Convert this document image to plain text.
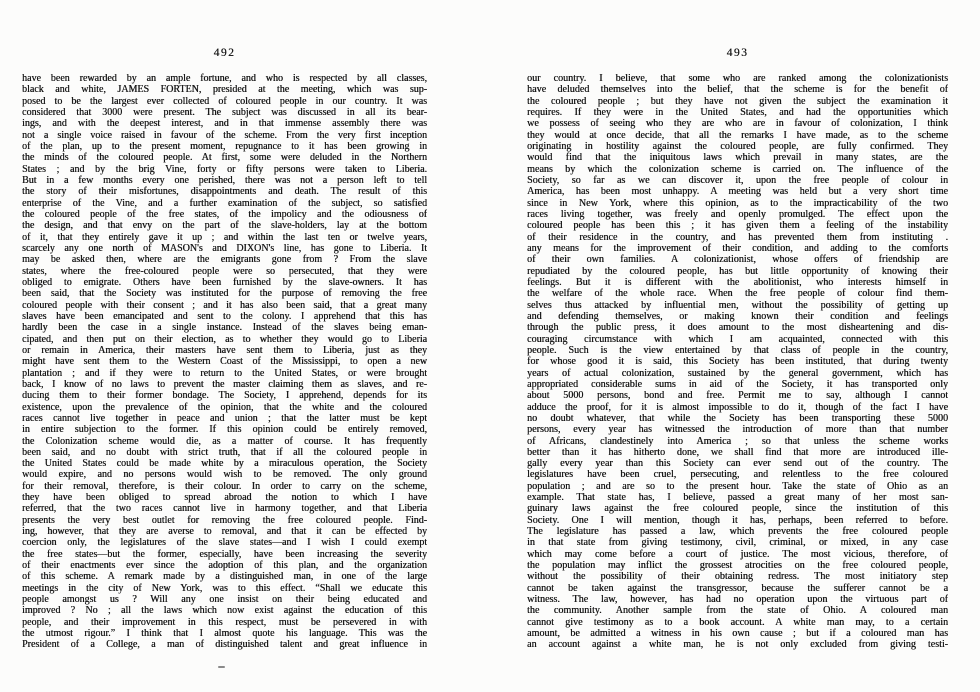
492
have been rewarded by an ample fortune, and who is respected by all classes,
black and white, JAMES FORTEN, presided at the meeting, which was sup-
posed to be the largest ever collected of coloured people in our country. It was
considered that 3000 were present. The subject was discussed in all its bear-
ings, and with the deepest interest, and in that immense assembly there was
not a single voice raised in favour of the scheme. From the very first inception
of the plan, up to the present moment, repugnance to it has been growing in
the minds of the coloured people. At first, some were deluded in the Northern
States ; and by the brig Vine, forty or fifty persons were taken to Liberia.
But in a few months every one perished, there was not a person left to tell
the story of their misfortunes, disappointments and death. The result of this
enterprise of the Vine, and a further examination of the subject, so satisfied
the coloured people of the free states, of the impolicy and the odiousness of
the design, and that envy on the part of the slave-holders, lay at the bottom
of it, that they entirely gave it up ; and within the last ten or twelve years,
scarcely any one north of MASON's and DIXON's line, has gone to Liberia. It
may be asked then, where are the emigrants gone from ? From the slave
states, where the free-coloured people were so persecuted, that they were
obliged to emigrate. Others have been furnished by the slave-owners. It has
been said, that the Society was instituted for the purpose of removing the free
coloured people with their consent ; and it has also been said, that a great many
slaves have been emancipated and sent to the colony. I apprehend that this has
hardly been the case in a single instance. Instead of the slaves being eman-
cipated, and then put on their election, as to whether they would go to Liberia
or remain in America, their masters have sent them to Liberia, just as they
might have sent them to the Western Coast of the Mississippi, to open a new
plantation ; and if they were to return to the United States, or were brought
back, I know of no laws to prevent the master claiming them as slaves, and re-
ducing them to their former bondage. The Society, I apprehend, depends for its
existence, upon the prevalence of the opinion, that the white and the coloured
races cannot live together in peace and union ; that the latter must be kept
in entire subjection to the former. If this opinion could be entirely removed,
the Colonization scheme would die, as a matter of course. It has frequently
been said, and no doubt with strict truth, that if all the coloured people in
the United States could be made white by a miraculous operation, the Society
would expire, and no persons would wish to be removed. The only ground
for their removal, therefore, is their colour. In order to carry on the scheme,
they have been obliged to spread abroad the notion to which I have
referred, that the two races cannot live in harmony together, and that Liberia
presents the very best outlet for removing the free coloured people. Find-
ing, however, that they are averse to removal, and that it can be effected by
coercion only, the legislatures of the slave states—and I wish I could exempt
the free states—but the former, especially, have been increasing the severity
of their enactments ever since the adoption of this plan, and the organization
of this scheme. A remark made by a distinguished man, in one of the large
meetings in the city of New York, was to this effect. “Shall we educate this
people amongst us ? Will any one insist on their being educated and
improved ? No ; all the laws which now exist against the education of this
people, and their improvement in this respect, must be persevered in with
the utmost rigour.” I think that I almost quote his language. This was the
President of a College, a man of distinguished talent and great influence in
493
our country. I believe, that some who are ranked among the colonizationists
have deluded themselves into the belief, that the scheme is for the benefit of
the coloured people ; but they have not given the subject the examination it
requires. If they were in the United States, and had the opportunities which
we possess of seeing who they are who are in favour of colonization, I think
they would at once decide, that all the remarks I have made, as to the scheme
originating in hostility against the coloured people, are fully confirmed. They
would find that the iniquitous laws which prevail in many states, are the
means by which the colonization scheme is carried on. The influence of the
Society, so far as we can discover it, upon the free people of colour in
America, has been most unhappy. A meeting was held but a very short time
since in New York, where this opinion, as to the impracticability of the two
races living together, was freely and openly promulged. The effect upon the
coloured people has been this ; it has given them a feeling of the instability
of their residence in the country, and has prevented them from instituting .
any means for the improvement of their condition, and adding to the comforts
of their own families. A colonizationist, whose offers of friendship are
repudiated by the coloured people, has but little opportunity of knowing their
feelings. But it is different with the abolitionist, who interests himself in
the welfare of the whole race. When the free people of colour find them-
selves thus attacked by influential men, without the possibility of getting up
and defending themselves, or making known their condition and feelings
through the public press, it does amount to the most disheartening and dis-
couraging circumstance with which I am acquainted, connected with this
people. Such is the view entertained by that class of people in the country,
for whose good it is said, this Society has been instituted, that during twenty
years of actual colonization, sustained by the general government, which has
appropriated considerable sums in aid of the Society, it has transported only
about 5000 persons, bond and free. Permit me to say, although I cannot
adduce the proof, for it is almost impossible to do it, though of the fact I have
no doubt whatever, that while the Society has been transporting these 5000
persons, every year has witnessed the introduction of more than that number
of Africans, clandestinely into America ; so that unless the scheme works
better than it has hitherto done, we shall find that more are introduced ille-
gally every year than this Society can ever send out of the country. The
legislatures have been cruel, persecuting, and relentless to the free coloured
population ; and are so to the present hour. Take the state of Ohio as an
example. That state has, I believe, passed a great many of her most san-
guinary laws against the free coloured people, since the institution of this
Society. One I will mention, though it has, perhaps, been referred to before.
The legislature has passed a law, which prevents the free coloured people
in that state from giving testimony, civil, criminal, or mixed, in any case
which may come before a court of justice. The most vicious, therefore, of
the population may inflict the grossest atrocities on the free coloured people,
without the possibility of their obtaining redress. The most initiatory step
cannot be taken against the transgressor, because the sufferer cannot be a
witness. The law, however, has had no operation upon the virtuous part of
the community. Another sample from the state of Ohio. A coloured man
cannot give testimony as to a book account. A white man may, to a certain
amount, be admitted a witness in his own cause ; but if a coloured man has
an account against a white man, he is not only excluded from giving testi-
